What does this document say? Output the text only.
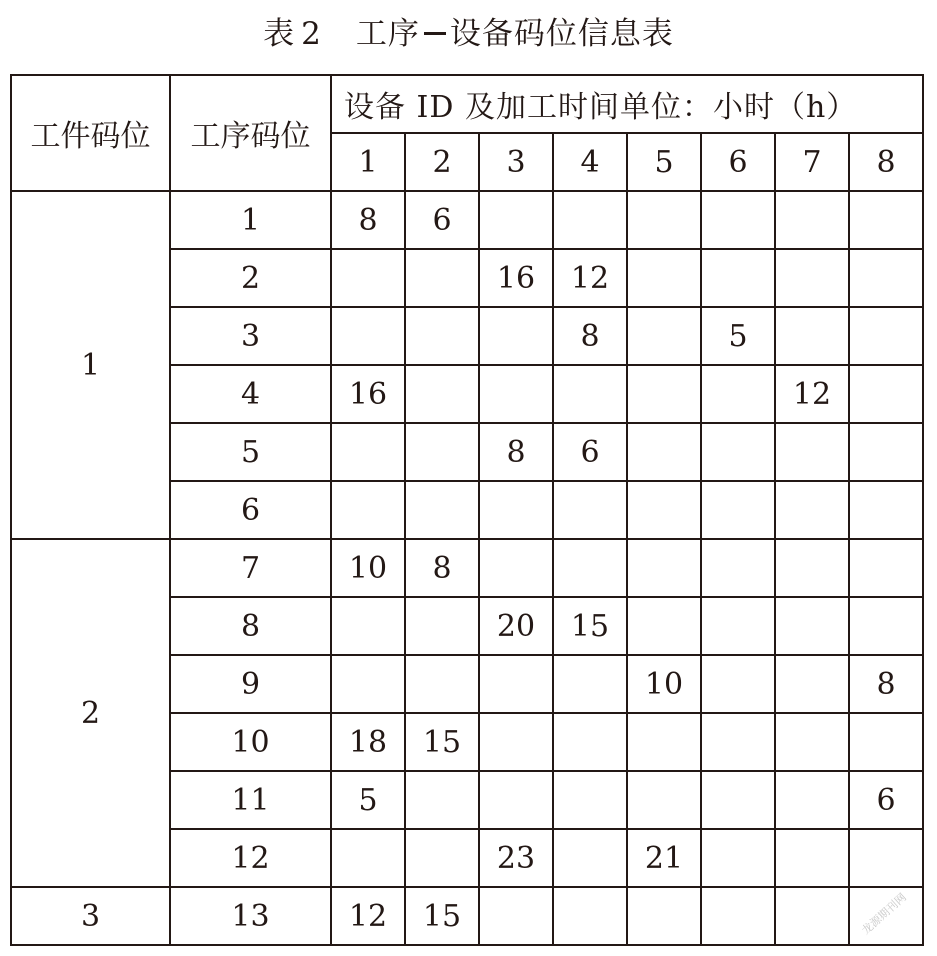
表 2 工序 设备码位信息表
工件码位	工序码位	设备 ID 及加工时间单位：小时（h）							
		1	2	3	4	5	6	7	8
1	1	8	6						
	2			16	12				
	3				8		5		
	4	16						12	
	5			8	6				
	6								
2	7	10	8						
	8			20	15				
	9					10			8
	10	18	15						
	11	5							6
	12			23		21			
3	13	12	15							龙源期刊网
